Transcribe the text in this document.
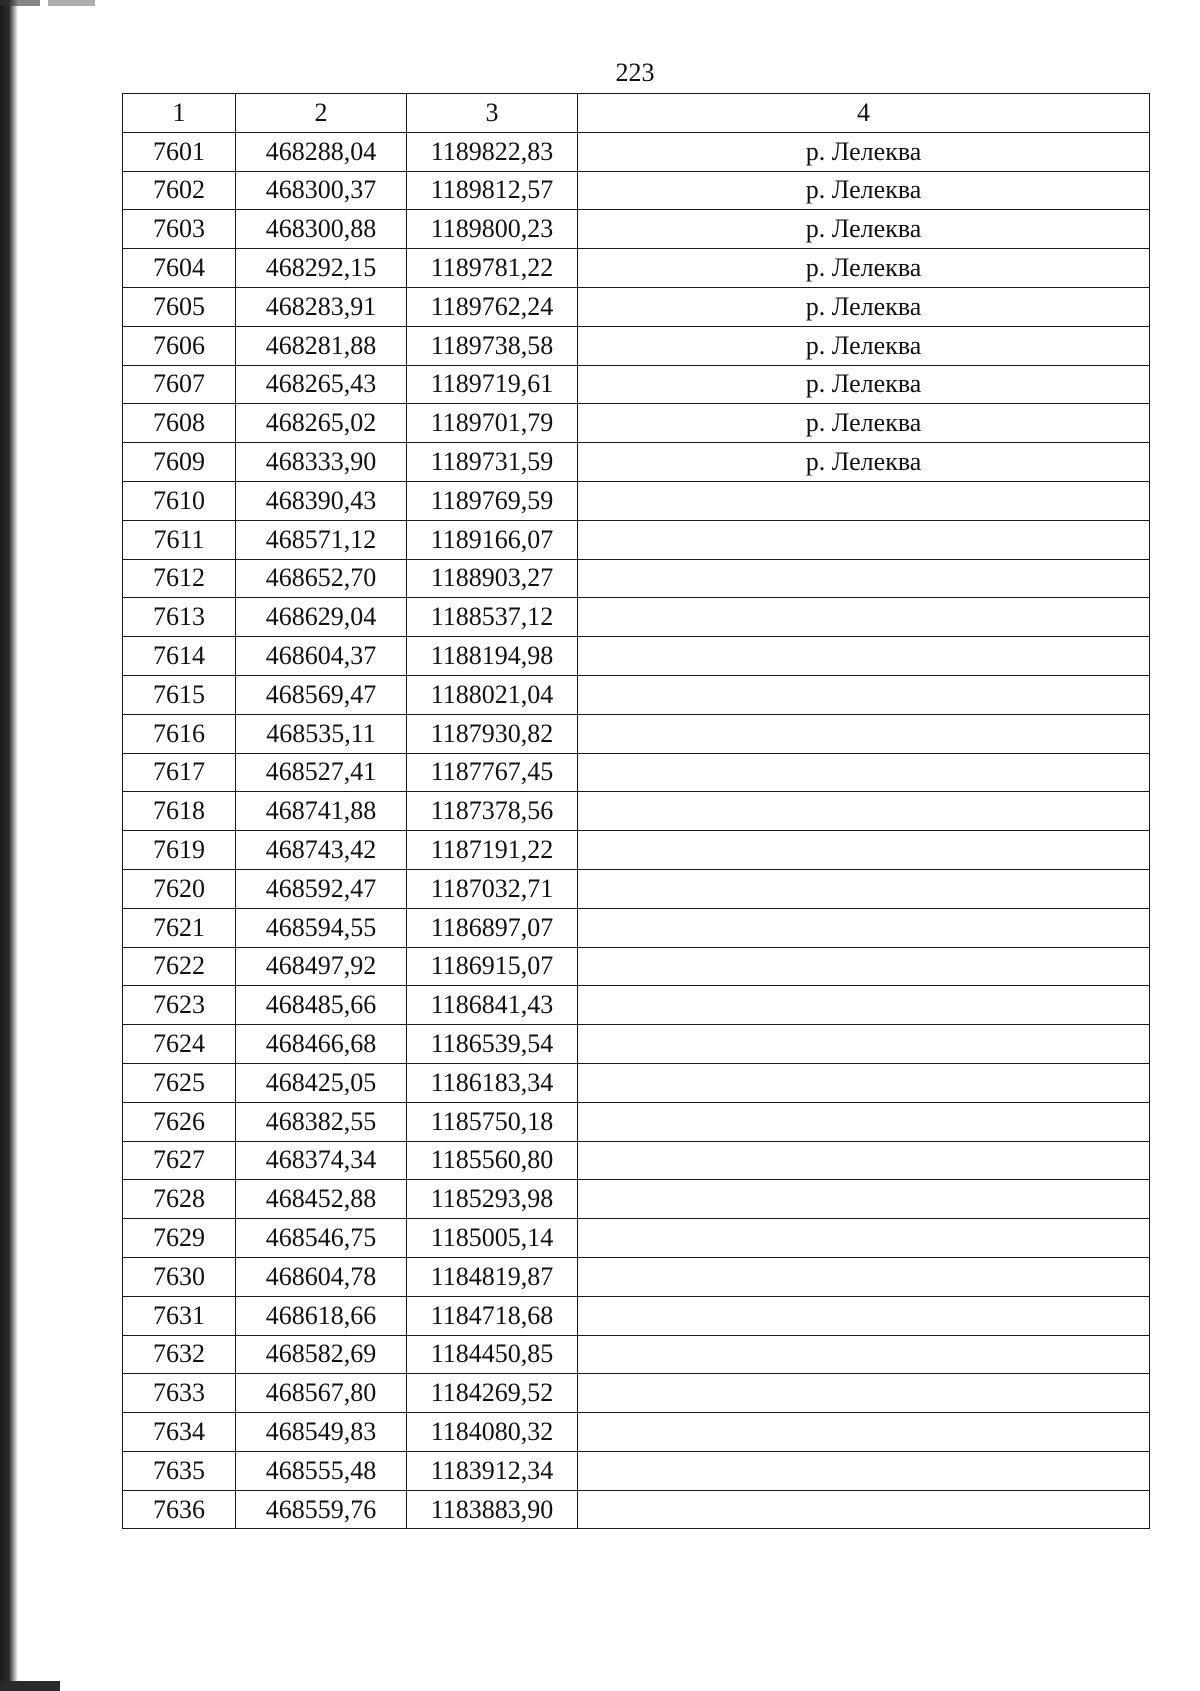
223
1	2	3	4
7601	468288,04	1189822,83	р. Лелеква
7602	468300,37	1189812,57	р. Лелеква
7603	468300,88	1189800,23	р. Лелеква
7604	468292,15	1189781,22	р. Лелеква
7605	468283,91	1189762,24	р. Лелеква
7606	468281,88	1189738,58	р. Лелеква
7607	468265,43	1189719,61	р. Лелеква
7608	468265,02	1189701,79	р. Лелеква
7609	468333,90	1189731,59	р. Лелеква
7610	468390,43	1189769,59	
7611	468571,12	1189166,07	
7612	468652,70	1188903,27	
7613	468629,04	1188537,12	
7614	468604,37	1188194,98	
7615	468569,47	1188021,04	
7616	468535,11	1187930,82	
7617	468527,41	1187767,45	
7618	468741,88	1187378,56	
7619	468743,42	1187191,22	
7620	468592,47	1187032,71	
7621	468594,55	1186897,07	
7622	468497,92	1186915,07	
7623	468485,66	1186841,43	
7624	468466,68	1186539,54	
7625	468425,05	1186183,34	
7626	468382,55	1185750,18	
7627	468374,34	1185560,80	
7628	468452,88	1185293,98	
7629	468546,75	1185005,14	
7630	468604,78	1184819,87	
7631	468618,66	1184718,68	
7632	468582,69	1184450,85	
7633	468567,80	1184269,52	
7634	468549,83	1184080,32	
7635	468555,48	1183912,34	
7636	468559,76	1183883,90	
